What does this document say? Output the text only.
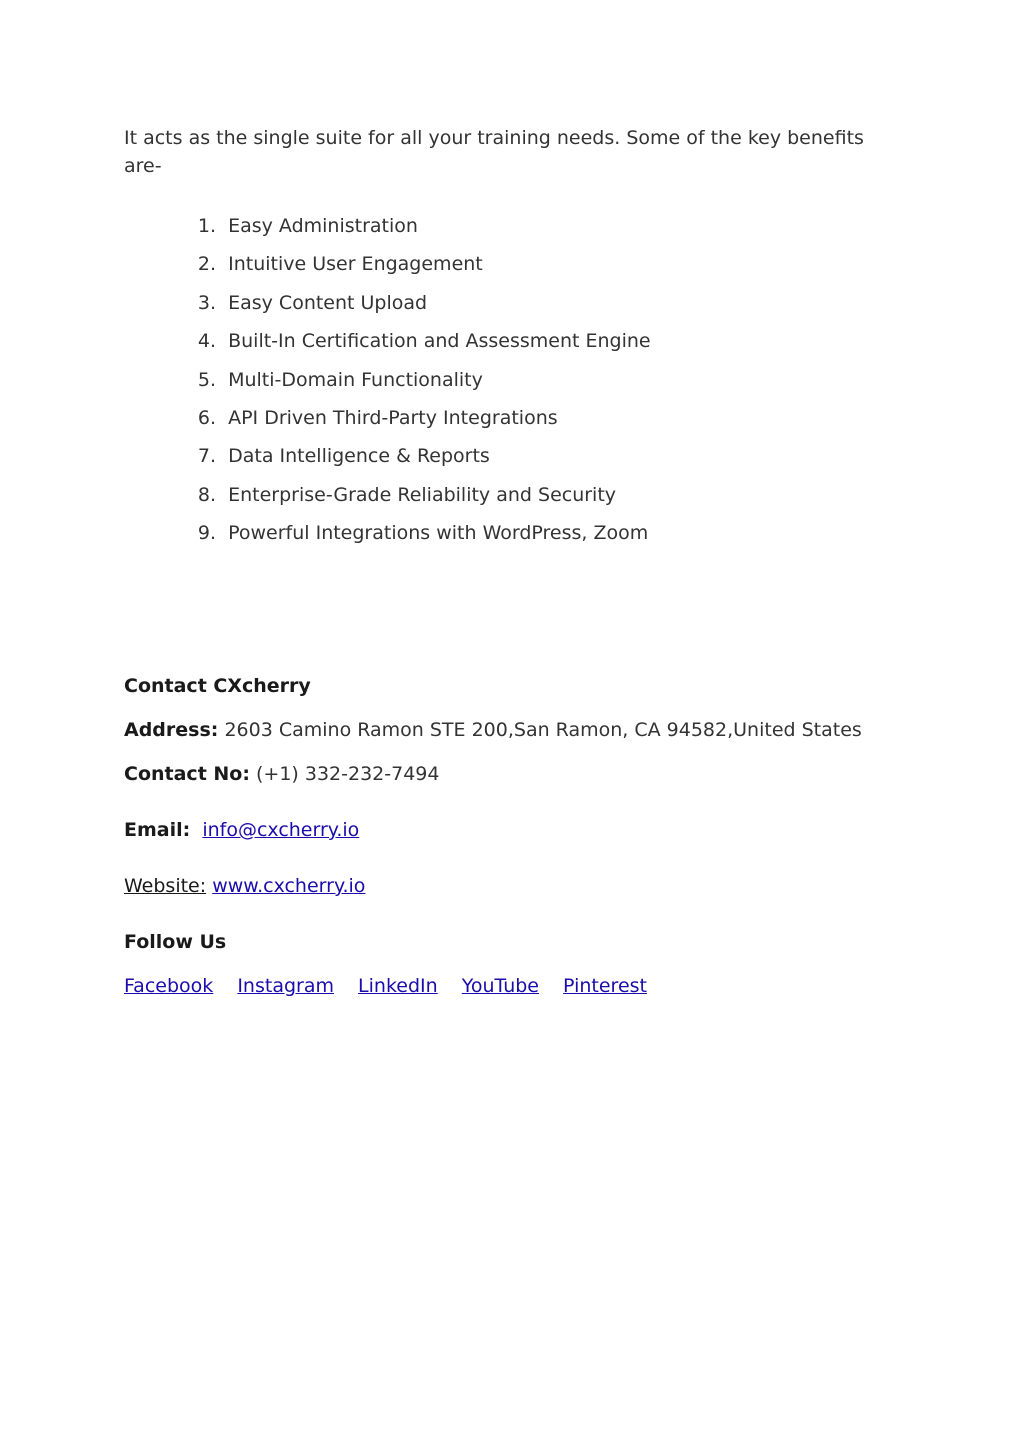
It acts as the single suite for all your training needs. Some of the key benefits are-

1. Easy Administration
2. Intuitive User Engagement
3. Easy Content Upload
4. Built-In Certification and Assessment Engine
5. Multi-Domain Functionality
6. API Driven Third-Party Integrations
7. Data Intelligence & Reports
8. Enterprise-Grade Reliability and Security
9. Powerful Integrations with WordPress, Zoom
Contact CXcherry
Address: 2603 Camino Ramon STE 200,San Ramon, CA 94582,United States
Contact No: (+1) 332-232-7494
Email: info@cxcherry.io
Website: www.cxcherry.io
Follow Us
Facebook Instagram LinkedIn YouTube Pinterest
